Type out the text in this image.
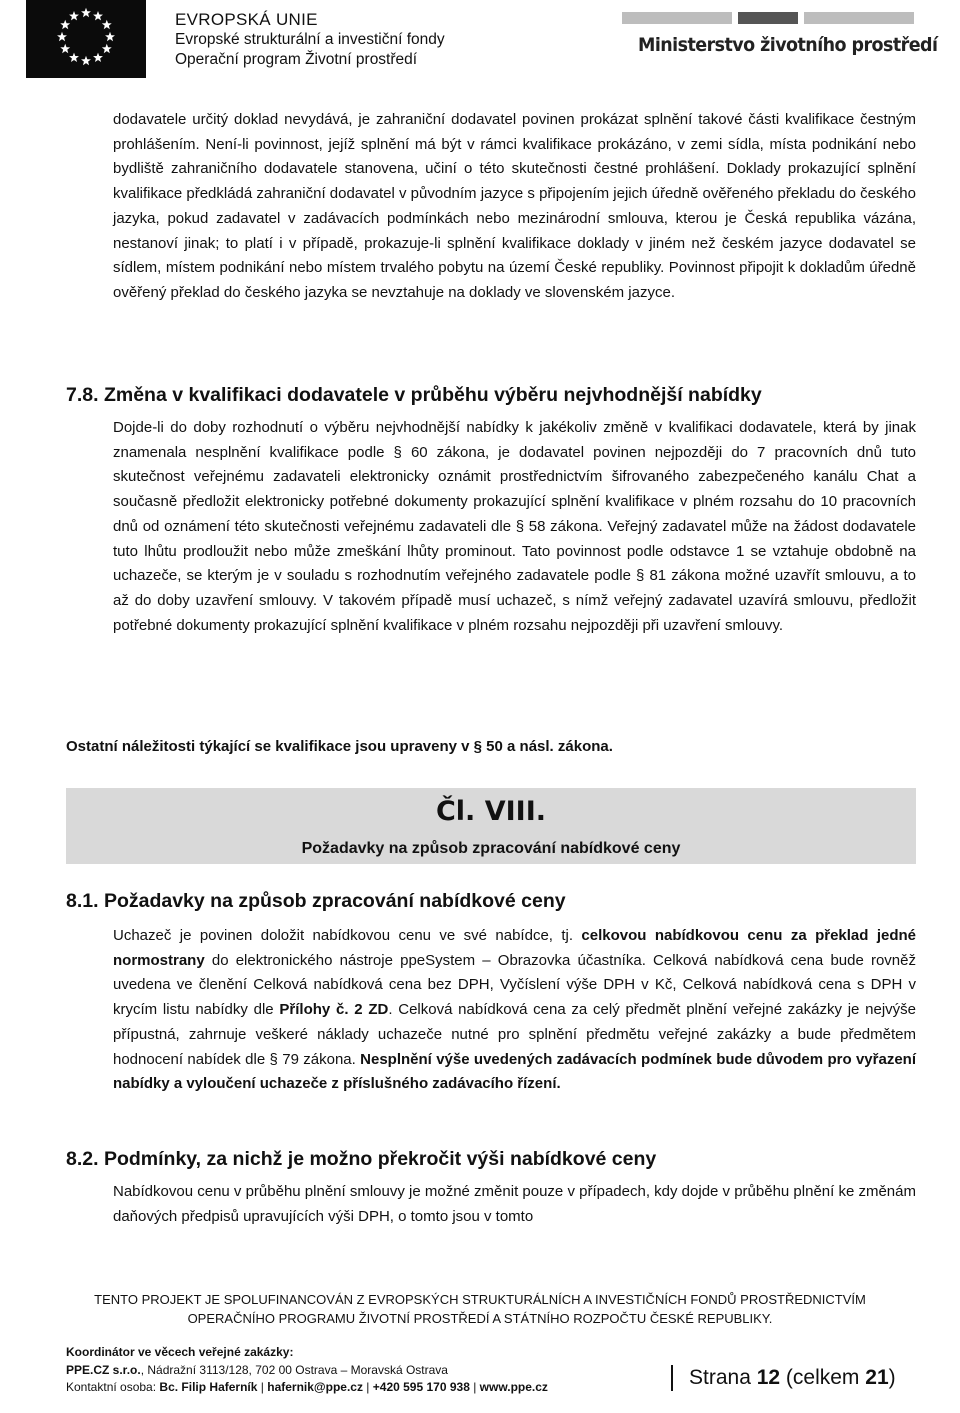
EVROPSKÁ UNIE
Evropské strukturální a investiční fondy
Operační program Životní prostředí
Ministerstvo životního prostředí

dodavatele určitý doklad nevydává, je zahraniční dodavatel povinen prokázat splnění takové části kvalifikace čestným prohlášením. Není-li povinnost, jejíž splnění má být v rámci kvalifikace prokázáno, v zemi sídla, místa podnikání nebo bydliště zahraničního dodavatele stanovena, učiní o této skutečnosti čestné prohlášení. Doklady prokazující splnění kvalifikace předkládá zahraniční dodavatel v původním jazyce s připojením jejich úředně ověřeného překladu do českého jazyka, pokud zadavatel v zadávacích podmínkách nebo mezinárodní smlouva, kterou je Česká republika vázána, nestanoví jinak; to platí i v případě, prokazuje-li splnění kvalifikace doklady v jiném než českém jazyce dodavatel se sídlem, místem podnikání nebo místem trvalého pobytu na území České republiky. Povinnost připojit k dokladům úředně ověřený překlad do českého jazyka se nevztahuje na doklady ve slovenském jazyce.

7.8. Změna v kvalifikaci dodavatele v průběhu výběru nejvhodnější nabídky

Dojde-li do doby rozhodnutí o výběru nejvhodnější nabídky k jakékoliv změně v kvalifikaci dodavatele, která by jinak znamenala nesplnění kvalifikace podle § 60 zákona, je dodavatel povinen nejpozději do 7 pracovních dnů tuto skutečnost veřejnému zadavateli elektronicky oznámit prostřednictvím šifrovaného zabezpečeného kanálu Chat a současně předložit elektronicky potřebné dokumenty prokazující splnění kvalifikace v plném rozsahu do 10 pracovních dnů od oznámení této skutečnosti veřejnému zadavateli dle § 58 zákona. Veřejný zadavatel může na žádost dodavatele tuto lhůtu prodloužit nebo může zmeškání lhůty prominout. Tato povinnost podle odstavce 1 se vztahuje obdobně na uchazeče, se kterým je v souladu s rozhodnutím veřejného zadavatele podle § 81 zákona možné uzavřít smlouvu, a to až do doby uzavření smlouvy. V takovém případě musí uchazeč, s nímž veřejný zadavatel uzavírá smlouvu, předložit potřebné dokumenty prokazující splnění kvalifikace v plném rozsahu nejpozději při uzavření smlouvy.

Ostatní náležitosti týkající se kvalifikace jsou upraveny v § 50 a násl. zákona.

Čl. VIII.
Požadavky na způsob zpracování nabídkové ceny
8.1. Požadavky na způsob zpracování nabídkové ceny

Uchazeč je povinen doložit nabídkovou cenu ve své nabídce, tj. celkovou nabídkovou cenu za překlad jedné normostrany do elektronického nástroje ppeSystem – Obrazovka účastníka. Celková nabídková cena bude rovněž uvedena ve členění Celková nabídková cena bez DPH, Vyčíslení výše DPH v Kč, Celková nabídková cena s DPH v krycím listu nabídky dle Přílohy č. 2 ZD. Celková nabídková cena za celý předmět plnění veřejné zakázky je nejvýše přípustná, zahrnuje veškeré náklady uchazeče nutné pro splnění předmětu veřejné zakázky a bude předmětem hodnocení nabídek dle § 79 zákona. Nesplnění výše uvedených zadávacích podmínek bude důvodem pro vyřazení nabídky a vyloučení uchazeče z příslušného zadávacího řízení.

8.2. Podmínky, za nichž je možno překročit výši nabídkové ceny

Nabídkovou cenu v průběhu plnění smlouvy je možné změnit pouze v případech, kdy dojde v průběhu plnění ke změnám daňových předpisů upravujících výši DPH, o tomto jsou v tomto

TENTO PROJEKT JE SPOLUFINANCOVÁN Z EVROPSKÝCH STRUKTURÁLNÍCH A INVESTIČNÍCH FONDŮ PROSTŘEDNICTVÍM
OPERAČNÍHO PROGRAMU ŽIVOTNÍ PROSTŘEDÍ A STÁTNÍHO ROZPOČTU ČESKÉ REPUBLIKY.
Koordinátor ve věcech veřejné zakázky:
PPE.CZ s.r.o., Nádražní 3113/128, 702 00 Ostrava – Moravská Ostrava
Kontaktní osoba: Bc. Filip Haferník | hafernik@ppe.cz | +420 595 170 938 | www.ppe.cz	Strana 12 (celkem 21)
